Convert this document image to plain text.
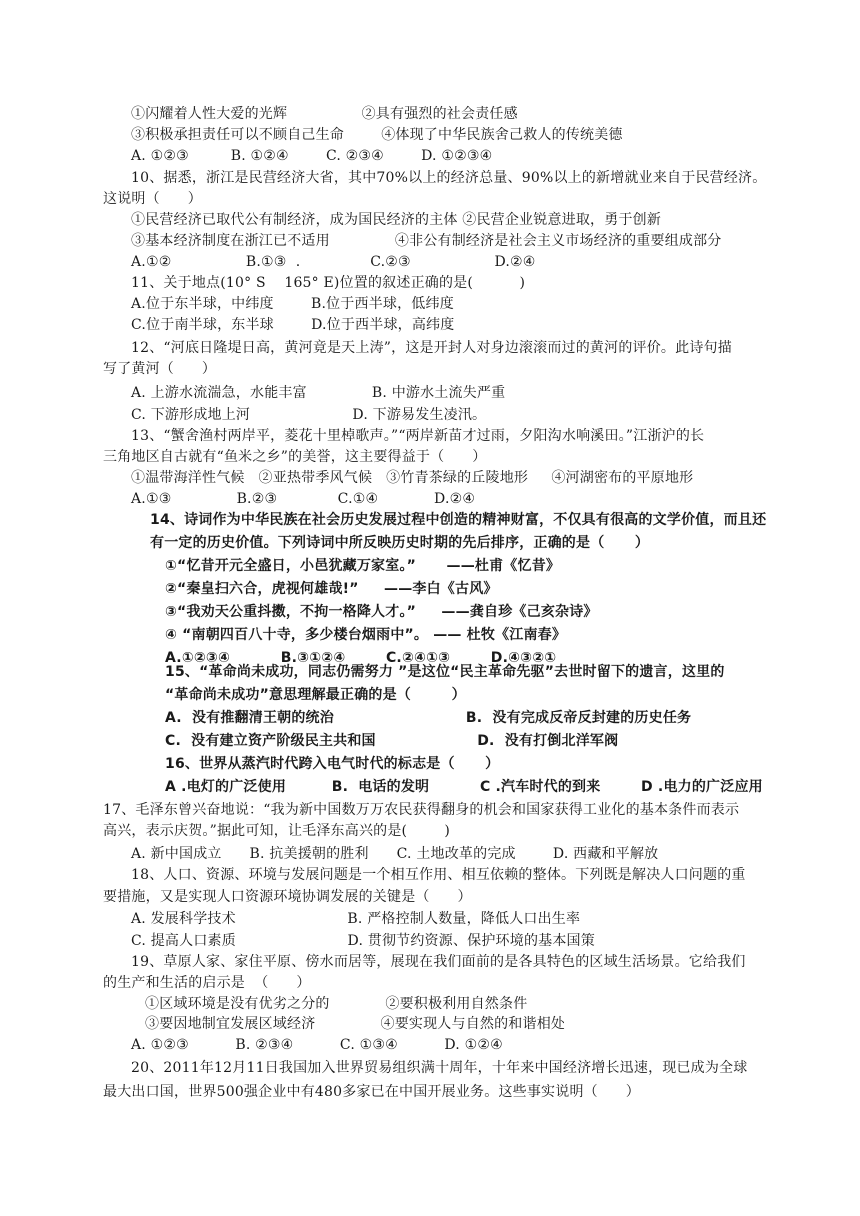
①闪耀着人性大爱的光辉                ②具有强烈的社会责任感
③积极承担责任可以不顾自己生命        ④体现了中华民族舍己救人的传统美德
A. ①②③         B. ①②④        C. ②③④        D. ①②③④
10、据悉，浙江是民营经济大省，其中70%以上的经济总量、90%以上的新增就业来自于民营经济。
这说明（      ）
①民营经济已取代公有制经济，成为国民经济的主体 ②民营企业锐意进取，勇于创新
③基本经济制度在浙江已不适用              ④非公有制经济是社会主义市场经济的重要组成部分
A.①②                B.①③  .               C.②③                  D.②④
11、关于地点(10° S    165° E)位置的叙述正确的是(          )
A.位于东半球，中纬度        B.位于西半球，低纬度
C.位于南半球，东半球        D.位于西半球，高纬度
12、“河底日隆堤日高，黄河竟是天上涛”，这是开封人对身边滚滚而过的黄河的评价。此诗句描
写了黄河（      ）
A. 上游水流湍急，水能丰富              B. 中游水土流失严重
C. 下游形成地上河                      D. 下游易发生凌汛。
13、“蟹舍渔村两岸平，菱花十里棹歌声。”“两岸新苗才过雨，夕阳沟水响溪田。”江浙沪的长
三角地区自古就有“鱼米之乡”的美誉，这主要得益于（      ）
①温带海洋性气候   ②亚热带季风气候   ③竹青茶绿的丘陵地形     ④河湖密布的平原地形
A.①③              B.②③             C.①④            D.②④
14、诗词作为中华民族在社会历史发展过程中创造的精神财富，不仅具有很高的文学价值，而且还
有一定的历史价值。下列诗词中所反映历史时期的先后排序，正确的是（      ）
①“忆昔开元全盛日，小邑犹藏万家室。”      ——杜甫《忆昔》
②“秦皇扫六合，虎视何雄哉!”     ——李白《古风》
③“我劝天公重抖擞，不拘一格降人才。”     ——龚自珍《己亥杂诗》
④ “南朝四百八十寺，多少楼台烟雨中”。 —— 杜牧《江南春》
A.①②③④          B.③①②④        C.②④①③        D.④③②①
15、“革命尚未成功，同志仍需努力 ”是这位“民主革命先驱”去世时留下的遗言，这里的
“革命尚未成功”意思理解最正确的是（        ）
A.  没有推翻清王朝的统治                          B.  没有完成反帝反封建的历史任务
C.  没有建立资产阶级民主共和国                    D.  没有打倒北洋军阀
16、世界从蒸汽时代跨入电气时代的标志是（      ）
A .电灯的广泛使用         B.  电话的发明          C .汽车时代的到来        D .电力的广泛应用
17、毛泽东曾兴奋地说：“我为新中国数万万农民获得翻身的机会和国家获得工业化的基本条件而表示
高兴，表示庆贺。”据此可知，让毛泽东高兴的是(        )
A. 新中国成立      B. 抗美援朝的胜利      C. 土地改革的完成        D. 西藏和平解放
18、人口、资源、环境与发展问题是一个相互作用、相互依赖的整体。下列既是解决人口问题的重
要措施，又是实现人口资源环境协调发展的关键是（      ）
A. 发展科学技术                        B. 严格控制人数量，降低人口出生率
C. 提高人口素质                        D. 贯彻节约资源、保护环境的基本国策
19、草原人家、家住平原、傍水而居等，展现在我们面前的是各具特色的区域生活场景。它给我们
的生产和生活的启示是  （      ）
①区域环境是没有优劣之分的            ②要积极利用自然条件
③要因地制宜发展区域经济              ④要实现人与自然的和谐相处
A. ①②③          B. ②③④          C. ①③④          D. ①②④
20、2011年12月11日我国加入世界贸易组织满十周年，十年来中国经济增长迅速，现已成为全球
最大出口国，世界500强企业中有480多家已在中国开展业务。这些事实说明（      ）
